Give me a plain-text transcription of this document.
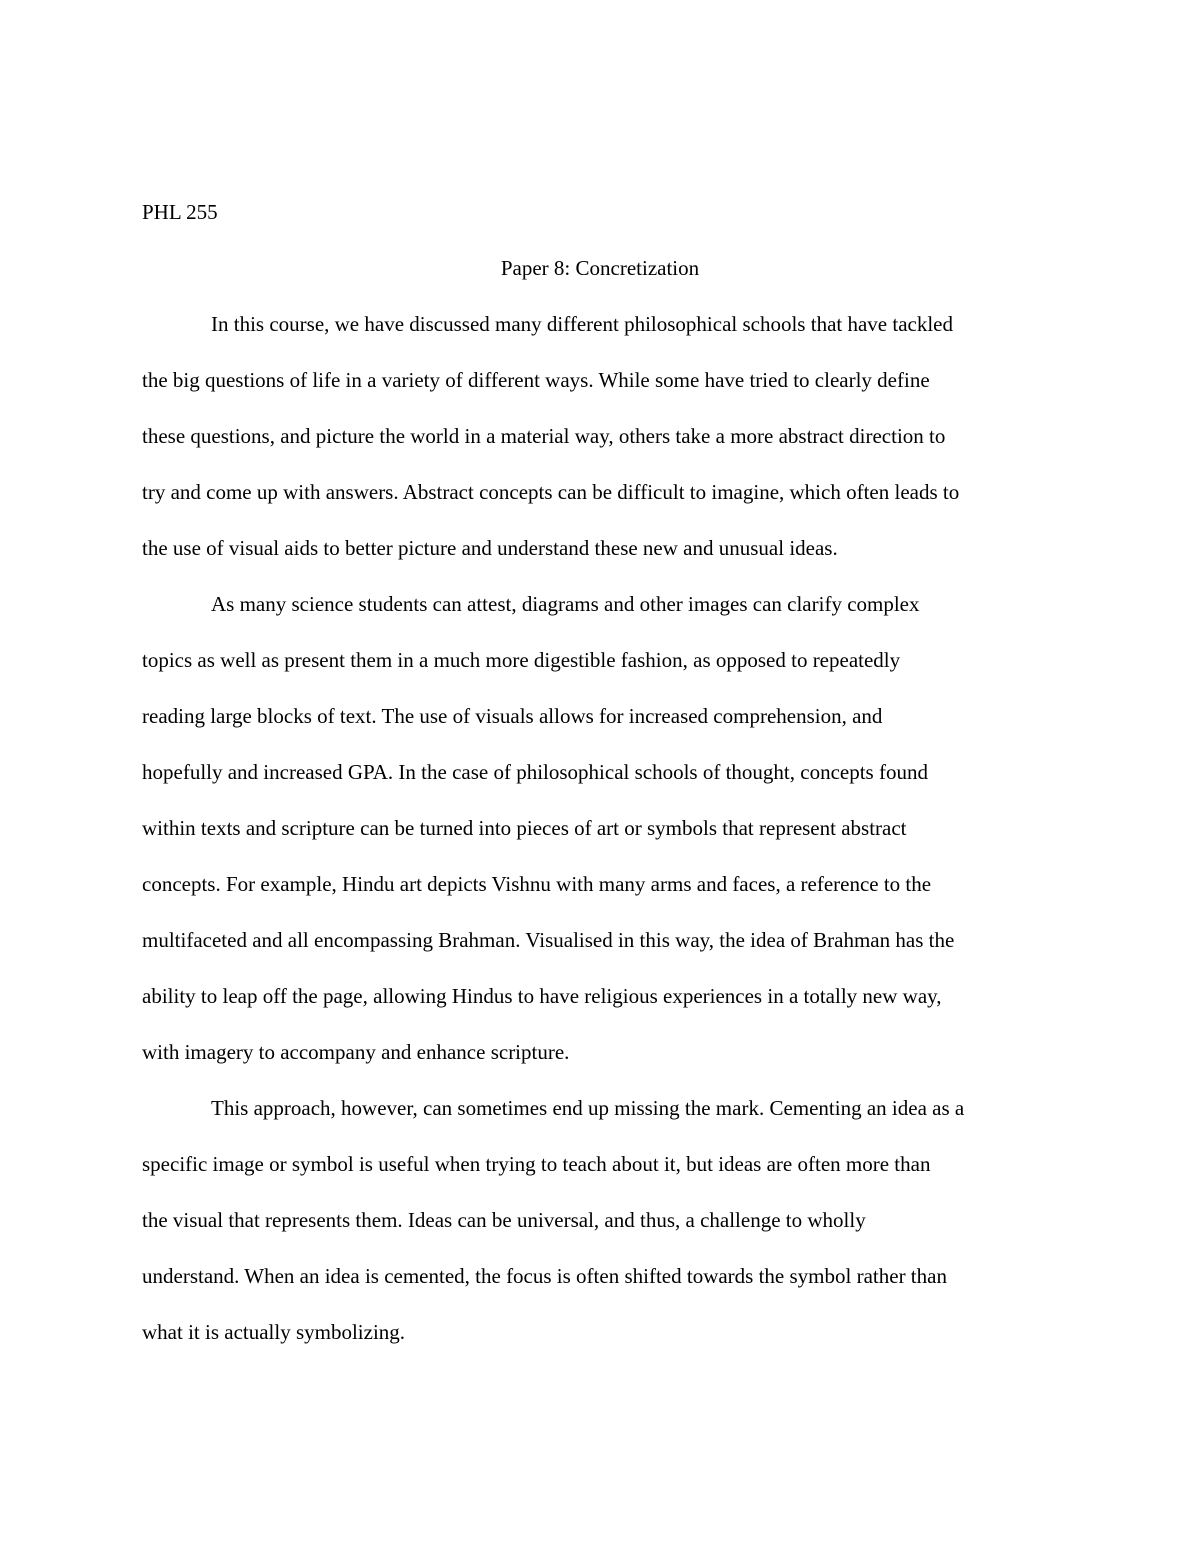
PHL 255
Paper 8: Concretization
In this course, we have discussed many different philosophical schools that have tackled
the big questions of life in a variety of different ways. While some have tried to clearly define
these questions, and picture the world in a material way, others take a more abstract direction to
try and come up with answers. Abstract concepts can be difficult to imagine, which often leads to
the use of visual aids to better picture and understand these new and unusual ideas.
As many science students can attest, diagrams and other images can clarify complex
topics as well as present them in a much more digestible fashion, as opposed to repeatedly
reading large blocks of text. The use of visuals allows for increased comprehension, and
hopefully and increased GPA. In the case of philosophical schools of thought, concepts found
within texts and scripture can be turned into pieces of art or symbols that represent abstract
concepts. For example, Hindu art depicts Vishnu with many arms and faces, a reference to the
multifaceted and all encompassing Brahman. Visualised in this way, the idea of Brahman has the
ability to leap off the page, allowing Hindus to have religious experiences in a totally new way,
with imagery to accompany and enhance scripture.
This approach, however, can sometimes end up missing the mark. Cementing an idea as a
specific image or symbol is useful when trying to teach about it, but ideas are often more than
the visual that represents them. Ideas can be universal, and thus, a challenge to wholly
understand. When an idea is cemented, the focus is often shifted towards the symbol rather than
what it is actually symbolizing.
